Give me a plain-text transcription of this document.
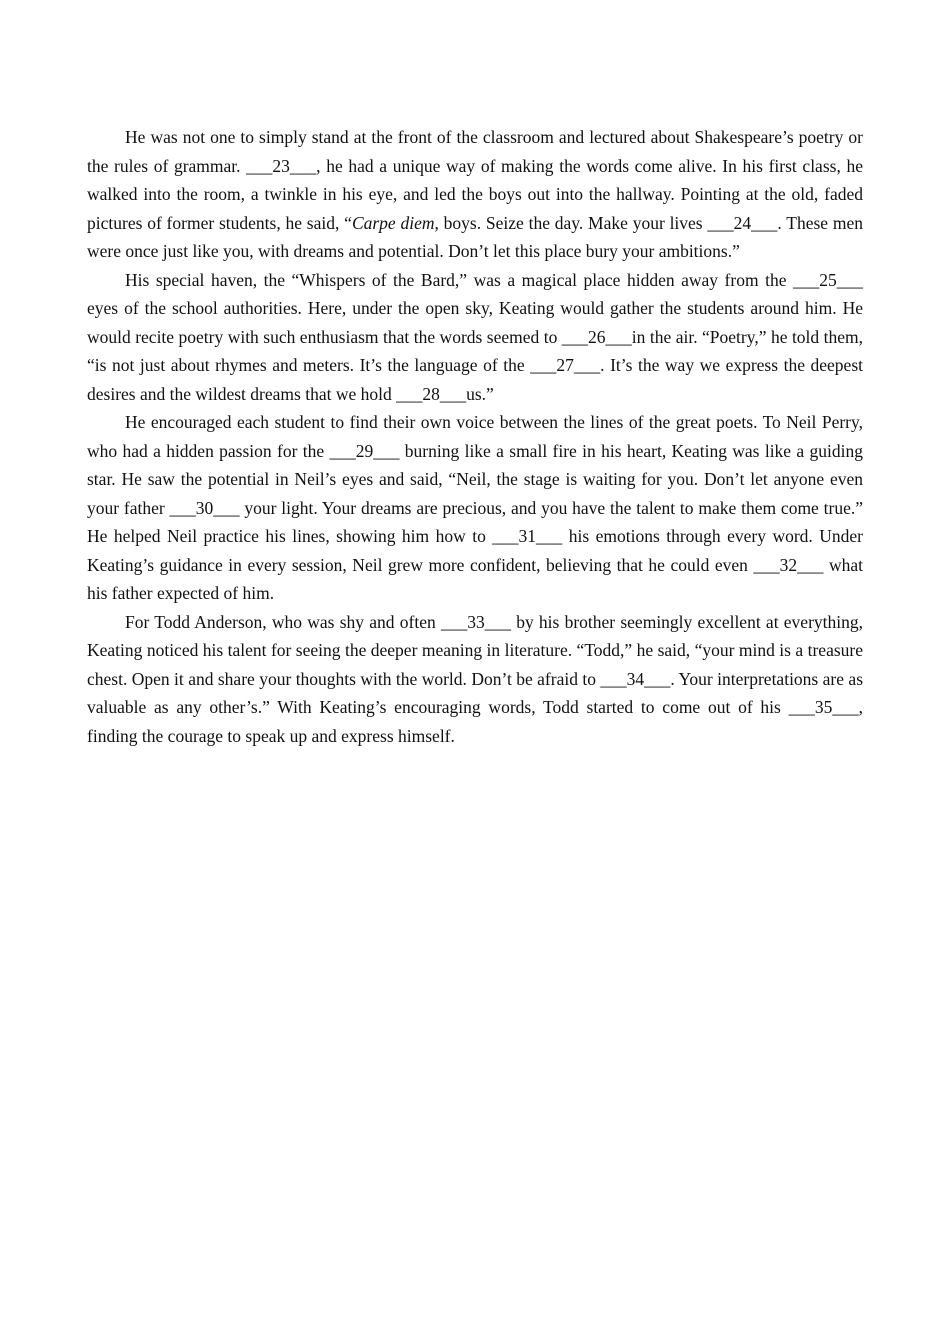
He was not one to simply stand at the front of the classroom and lectured about Shakespeare’s poetry or the rules of grammar. ___23___, he had a unique way of making the words come alive. In his first class, he walked into the room, a twinkle in his eye, and led the boys out into the hallway. Pointing at the old, faded pictures of former students, he said, “Carpe diem, boys. Seize the day. Make your lives ___24___. These men were once just like you, with dreams and potential. Don’t let this place bury your ambitions.”

His special haven, the “Whispers of the Bard,” was a magical place hidden away from the ___25___ eyes of the school authorities. Here, under the open sky, Keating would gather the students around him. He would recite poetry with such enthusiasm that the words seemed to ___26___in the air. “Poetry,” he told them, “is not just about rhymes and meters. It’s the language of the ___27___. It’s the way we express the deepest desires and the wildest dreams that we hold ___28___us.”

He encouraged each student to find their own voice between the lines of the great poets. To Neil Perry, who had a hidden passion for the ___29___ burning like a small fire in his heart, Keating was like a guiding star. He saw the potential in Neil’s eyes and said, “Neil, the stage is waiting for you. Don’t let anyone even your father ___30___ your light. Your dreams are precious, and you have the talent to make them come true.” He helped Neil practice his lines, showing him how to ___31___ his emotions through every word. Under Keating’s guidance in every session, Neil grew more confident, believing that he could even ___32___ what his father expected of him.

For Todd Anderson, who was shy and often ___33___ by his brother seemingly excellent at everything, Keating noticed his talent for seeing the deeper meaning in literature. “Todd,” he said, “your mind is a treasure chest. Open it and share your thoughts with the world. Don’t be afraid to ___34___. Your interpretations are as valuable as any other’s.” With Keating’s encouraging words, Todd started to come out of his ___35___, finding the courage to speak up and express himself.
